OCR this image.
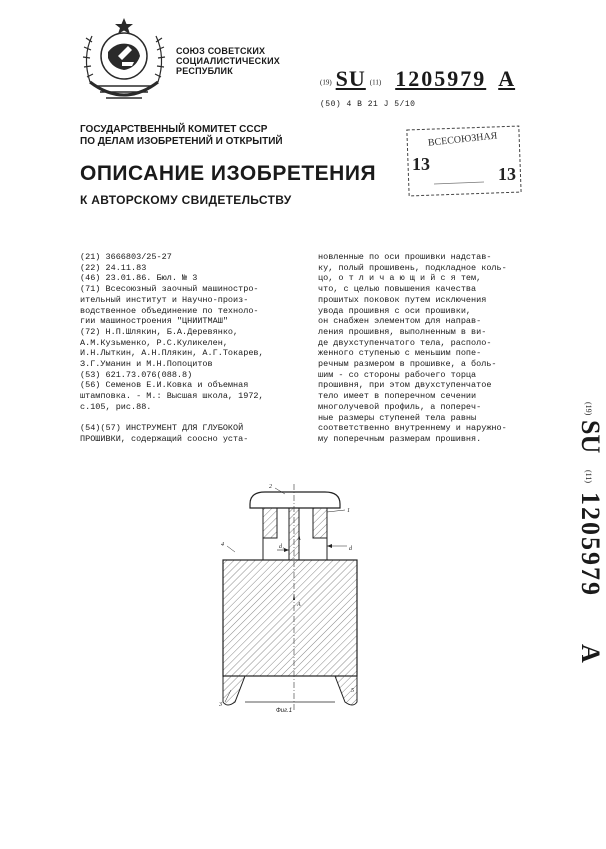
СОЮЗ СОВЕТСКИХ
СОЦИАЛИСТИЧЕСКИХ
РЕСПУБЛИК
(19) SU (11) 1205979 A
(50) 4 B 21 J 5/10
ГОСУДАРСТВЕННЫЙ КОМИТЕТ СССР
ПО ДЕЛАМ ИЗОБРЕТЕНИЙ И ОТКРЫТИЙ	ВСЕСОЮЗНАЯ
13	13
ОПИСАНИЕ ИЗОБРЕТЕНИЯ
К АВТОРСКОМУ СВИДЕТЕЛЬСТВУ
(21) 3666803/25-27
(22) 24.11.83
(46) 23.01.86. Бюл. № 3
(71) Всесоюзный заочный машиностро-
ительный институт и Научно-произ-
водственное объединение по техноло-
гии машиностроения "ЦНИИТМАШ"
(72) Н.П.Шлякин, Б.А.Деревянко,
А.М.Кузьменко, Р.С.Куликелен,
И.Н.Лыткин, А.Н.Плякин, А.Г.Токарев,
З.Г.Уманин и М.Н.Попоцитов
(53) 621.73.076(088.8)
(56) Семенов Е.И.Ковка и объемная
штамповка. - М.: Высшая школа, 1972,
с.105, рис.88.

(54)(57) ИНСТРУМЕНТ ДЛЯ ГЛУБОКОЙ
ПРОШИВКИ, содержащий соосно уста-
новленные по оси прошивки надстав-
ку, полый прошивень, подкладное коль-
цо, о т л и ч а ю щ и й с я тем,
что, с целью повышения качества
прошитых поковок путем исключения
увода прошивня с оси прошивки,
он снабжен элементом для направ-
ления прошивня, выполненным в ви-
де двухступенчатого тела, располо-
женного ступенью с меньшим попе-
речным размером в прошивке, а боль-
шим - со стороны рабочего торца
прошивня, при этом двухступенчатое
тело имеет в поперечном сечении
многолучевой профиль, а попереч-
ные размеры ступеней тела равны
соответственно внутреннему и наружно-
му поперечным размерам прошивня.
(19)
SU
(11)
1205979
A
1
2
3
4
5
d
d₁
A
A
Фиг.1
